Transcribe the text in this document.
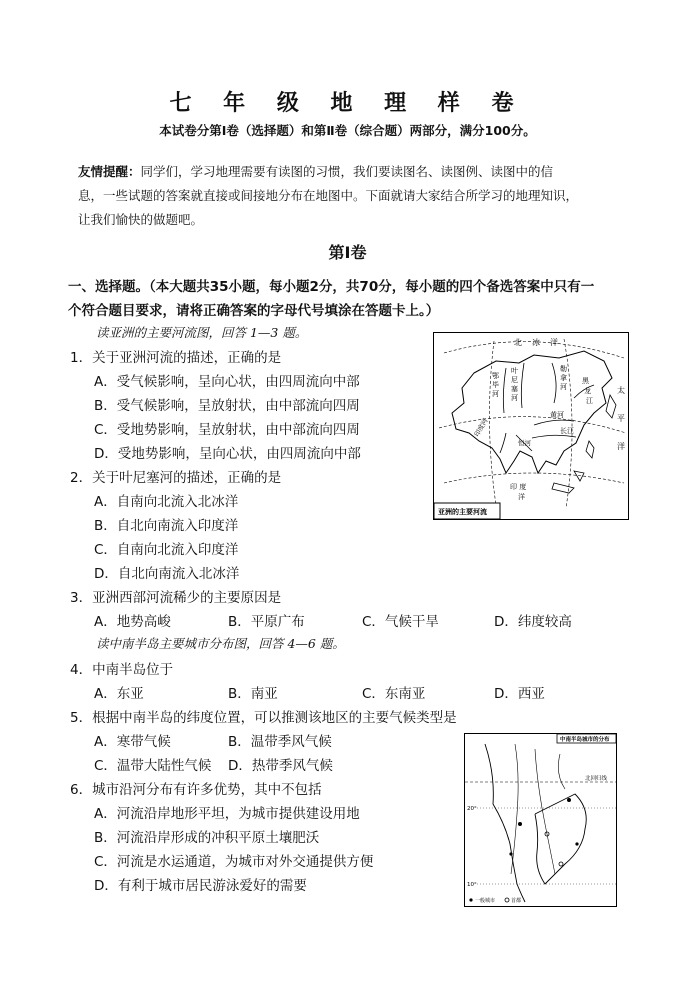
七 年 级 地 理 样 卷
本试卷分第Ⅰ卷（选择题）和第Ⅱ卷（综合题）两部分，满分100分。
友情提醒：同学们，学习地理需要有读图的习惯，我们要读图名、读图例、读图中的信
息，一些试题的答案就直接或间接地分布在地图中。下面就请大家结合所学习的地理知识，
让我们愉快的做题吧。
第Ⅰ卷
一、选择题。（本大题共35小题，每小题2分，共70分，每小题的四个备选答案中只有一
个符合题目要求，请将正确答案的字母代号填涂在答题卡上。）
读亚洲的主要河流图，回答 1—3 题。
1．关于亚洲河流的描述，正确的是
A．受气候影响，呈向心状，由四周流向中部
B．受气候影响，呈放射状，由中部流向四周
C．受地势影响，呈放射状，由中部流向四周
D．受地势影响，呈向心状，由四周流向中部
2．关于叶尼塞河的描述，正确的是
A．自南向北流入北冰洋
B．自北向南流入印度洋
C．自南向北流入印度洋
D．自北向南流入北冰洋
3．亚洲西部河流稀少的主要原因是
A．地势高峻	B．平原广布	C．气候干旱	D．纬度较高
读中南半岛主要城市分布图，回答 4—6 题。
4．中南半岛位于
A．东亚	B．南亚	C．东南亚	D．西亚
5．根据中南半岛的纬度位置，可以推测该地区的主要气候类型是
A．寒带气候	B．温带季风气候
C．温带大陆性气候 D．热带季风气候
6．城市沿河分布有许多优势，其中不包括
A．河流沿岸地形平坦，为城市提供建设用地
B．河流沿岸形成的冲积平原土壤肥沃
C．河流是水运通道，为城市对外交通提供方便
D．有利于城市居民游泳爱好的需要
北 冰 洋
叶
尼
塞
河
鄂
毕
河
勒
拿
河
黑
龙
江
太
平
洋
黄河
长江
印度河
恒河
印 度
洋
亚洲的主要河流
中南半岛城市的分布
北回归线
20°
10°
一般城市	首都
